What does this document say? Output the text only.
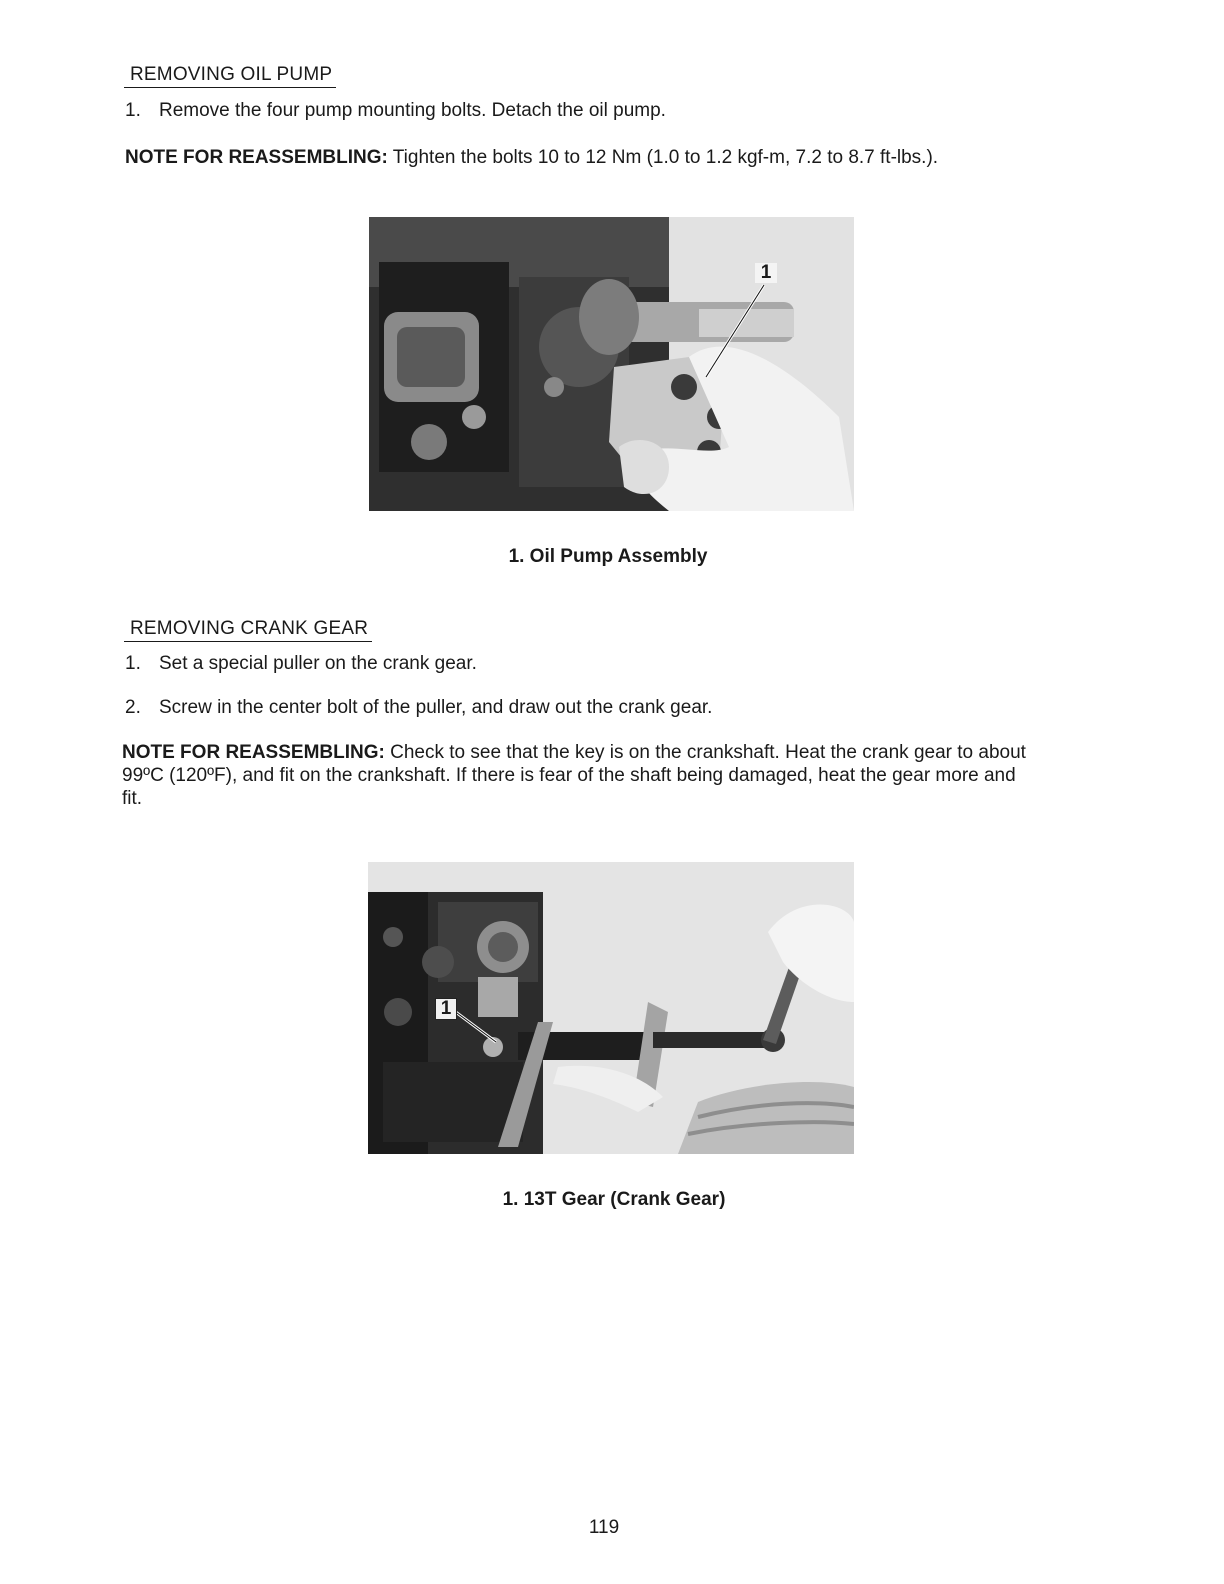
REMOVING OIL PUMP
1. Remove the four pump mounting bolts. Detach the oil pump.
NOTE FOR REASSEMBLING: Tighten the bolts 10 to 12 Nm (1.0 to 1.2 kgf-m, 7.2 to 8.7 ft-lbs.).
1
1. Oil Pump Assembly
REMOVING CRANK GEAR
1. Set a special puller on the crank gear.
2. Screw in the center bolt of the puller, and draw out the crank gear.
NOTE FOR REASSEMBLING: Check to see that the key is on the crankshaft. Heat the crank gear to about 99ºC (120ºF), and fit on the crankshaft. If there is fear of the shaft being damaged, heat the gear more and fit.
1
1. 13T Gear (Crank Gear)
119
